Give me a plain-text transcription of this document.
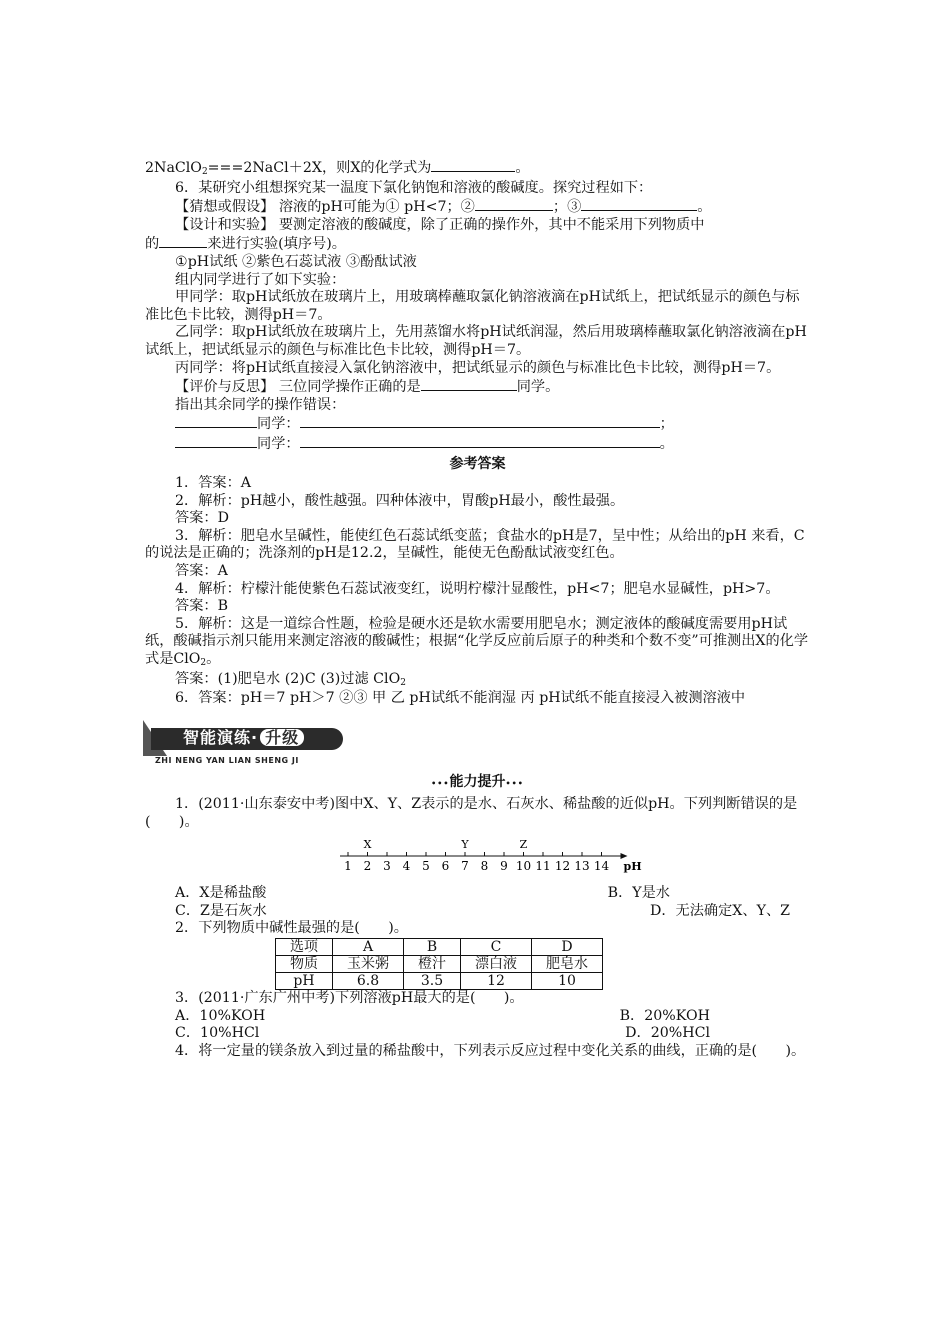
2NaClO2===2NaCl＋2X，则X的化学式为	。

6．某研究小组想探究某一温度下氯化钠饱和溶液的酸碱度。探究过程如下：

【猜想或假设】 溶液的pH可能为① pH<7；②	；③	。

【设计和实验】 要测定溶液的酸碱度，除了正确的操作外，其中不能采用下列物质中

的	来进行实验(填序号)。

①pH试纸 ②紫色石蕊试液 ③酚酞试液

组内同学进行了如下实验：

甲同学：取pH试纸放在玻璃片上，用玻璃棒蘸取氯化钠溶液滴在pH试纸上，把试纸显示的颜色与标准比色卡比较，测得pH＝7。

乙同学：取pH试纸放在玻璃片上，先用蒸馏水将pH试纸润湿，然后用玻璃棒蘸取氯化钠溶液滴在pH试纸上，把试纸显示的颜色与标准比色卡比较，测得pH＝7。

丙同学：将pH试纸直接浸入氯化钠溶液中，把试纸显示的颜色与标准比色卡比较，测得pH＝7。

【评价与反思】 三位同学操作正确的是	同学。

指出其余同学的操作错误：

同学：	；

同学：	。

参考答案

1．答案：A

2．解析：pH越小，酸性越强。四种体液中，胃酸pH最小，酸性最强。

答案：D

3．解析：肥皂水呈碱性，能使红色石蕊试纸变蓝；食盐水的pH是7，呈中性；从给出的pH 来看，C的说法是正确的；洗涤剂的pH是12.2，呈碱性，能使无色酚酞试液变红色。

答案：A

4．解析：柠檬汁能使紫色石蕊试液变红，说明柠檬汁显酸性，pH<7；肥皂水显碱性，pH>7。

答案：B

5．解析：这是一道综合性题，检验是硬水还是软水需要用肥皂水；测定液体的酸碱度需要用pH试纸，酸碱指示剂只能用来测定溶液的酸碱性；根据“化学反应前后原子的种类和个数不变”可推测出X的化学式是ClO2。

答案：(1)肥皂水 (2)C (3)过滤 ClO2

6．答案：pH＝7 pH＞7 ②③ 甲 乙 pH试纸不能润湿 丙 pH试纸不能直接浸入被测溶液中

智能演练· 升级
ZHI NENG YAN LIAN SHENG JI

•••能力提升•••

1．(2011·山东泰安中考)图中X、Y、Z表示的是水、石灰水、稀盐酸的近似pH。下列判断错误的是(　　)。

1 2 3 4 5 6 7 8 9 10 11 12 13 14 pH
X	Y	Z
A．X是稀盐酸	B．Y是水
C．Z是石灰水	D．无法确定X、Y、Z

2．下列物质中碱性最强的是(　　)。

选项	A	B	C	D
物质	玉米粥	橙汁	漂白液	肥皂水
pH	6.8	3.5	12	10

3．(2011·广东广州中考)下列溶液pH最大的是(　　)。

A．10%KOH	B．20%KOH
C．10%HCl	D．20%HCl

4．将一定量的镁条放入到过量的稀盐酸中，下列表示反应过程中变化关系的曲线，正确的是(　　)。
